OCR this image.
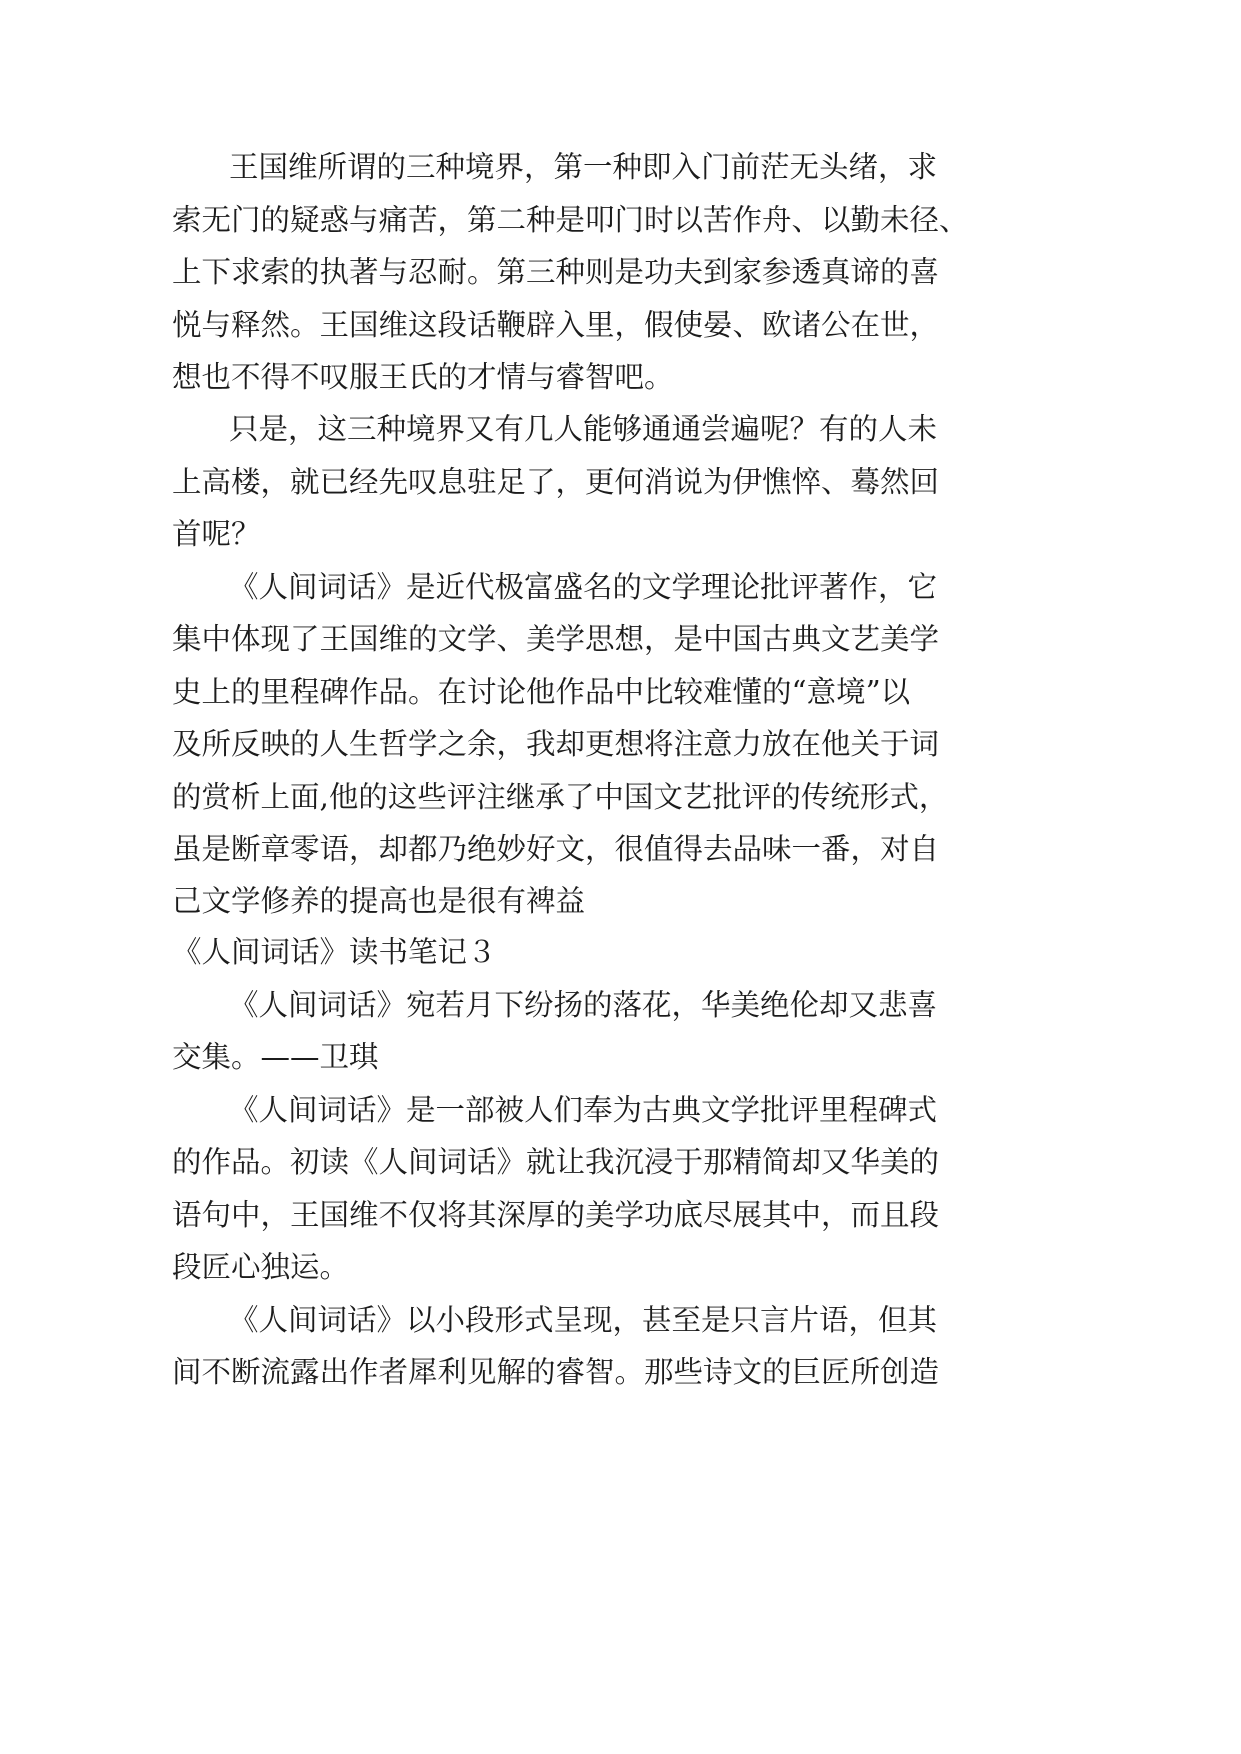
王国维所谓的三种境界，第一种即入门前茫无头绪，求

索无门的疑惑与痛苦，第二种是叩门时以苦作舟、以勤未径、

上下求索的执著与忍耐。第三种则是功夫到家参透真谛的喜

悦与释然。王国维这段话鞭辟入里，假使晏、欧诸公在世，

想也不得不叹服王氏的才情与睿智吧。

只是，这三种境界又有几人能够通通尝遍呢？有的人未

上高楼，就已经先叹息驻足了，更何消说为伊憔悴、蓦然回

首呢？

《人间词话》是近代极富盛名的文学理论批评著作，它

集中体现了王国维的文学、美学思想，是中国古典文艺美学

史上的里程碑作品。在讨论他作品中比较难懂的“意境”以

及所反映的人生哲学之余，我却更想将注意力放在他关于词

的赏析上面,他的这些评注继承了中国文艺批评的传统形式，

虽是断章零语，却都乃绝妙好文，很值得去品味一番，对自

己文学修养的提高也是很有裨益

《人间词话》读书笔记３

《人间词话》宛若月下纷扬的落花，华美绝伦却又悲喜

交集。——卫琪

《人间词话》是一部被人们奉为古典文学批评里程碑式

的作品。初读《人间词话》就让我沉浸于那精简却又华美的

语句中，王国维不仅将其深厚的美学功底尽展其中，而且段

段匠心独运。

《人间词话》以小段形式呈现，甚至是只言片语，但其

间不断流露出作者犀利见解的睿智。那些诗文的巨匠所创造
